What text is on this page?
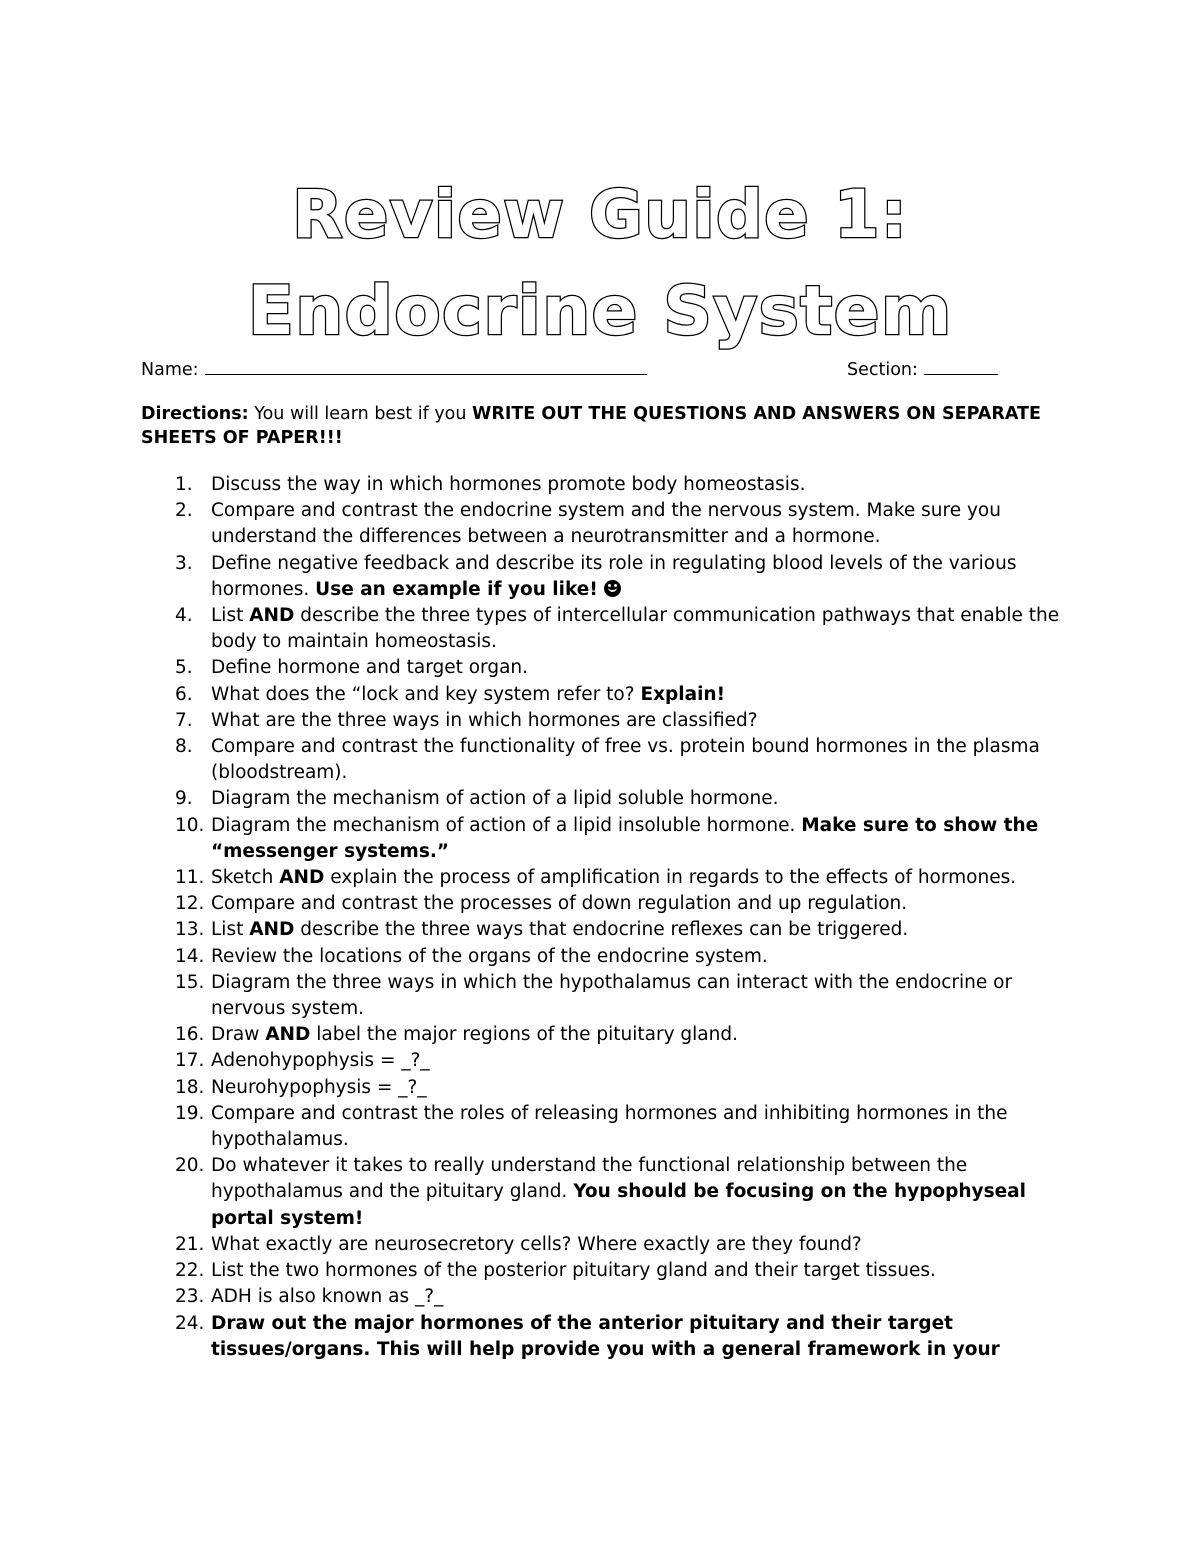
Review Guide 1:
Endocrine System
Name:	Section:
Directions: You will learn best if you WRITE OUT THE QUESTIONS AND ANSWERS ON SEPARATE SHEETS OF PAPER!!!
1. Discuss the way in which hormones promote body homeostasis.
2. Compare and contrast the endocrine system and the nervous system. Make sure you understand the differences between a neurotransmitter and a hormone.
3. Define negative feedback and describe its role in regulating blood levels of the various hormones. Use an example if you like!
4. List AND describe the three types of intercellular communication pathways that enable the body to maintain homeostasis.
5. Define hormone and target organ.
6. What does the “lock and key system refer to? Explain!
7. What are the three ways in which hormones are classified?
8. Compare and contrast the functionality of free vs. protein bound hormones in the plasma (bloodstream).
9. Diagram the mechanism of action of a lipid soluble hormone.
10. Diagram the mechanism of action of a lipid insoluble hormone. Make sure to show the “messenger systems.”
11. Sketch AND explain the process of amplification in regards to the effects of hormones.
12. Compare and contrast the processes of down regulation and up regulation.
13. List AND describe the three ways that endocrine reflexes can be triggered.
14. Review the locations of the organs of the endocrine system.
15. Diagram the three ways in which the hypothalamus can interact with the endocrine or nervous system.
16. Draw AND label the major regions of the pituitary gland.
17. Adenohypophysis = _?_
18. Neurohypophysis = _?_
19. Compare and contrast the roles of releasing hormones and inhibiting hormones in the hypothalamus.
20. Do whatever it takes to really understand the functional relationship between the hypothalamus and the pituitary gland. You should be focusing on the hypophyseal portal system!
21. What exactly are neurosecretory cells? Where exactly are they found?
22. List the two hormones of the posterior pituitary gland and their target tissues.
23. ADH is also known as _?_
24. Draw out the major hormones of the anterior pituitary and their target tissues/organs. This will help provide you with a general framework in your
